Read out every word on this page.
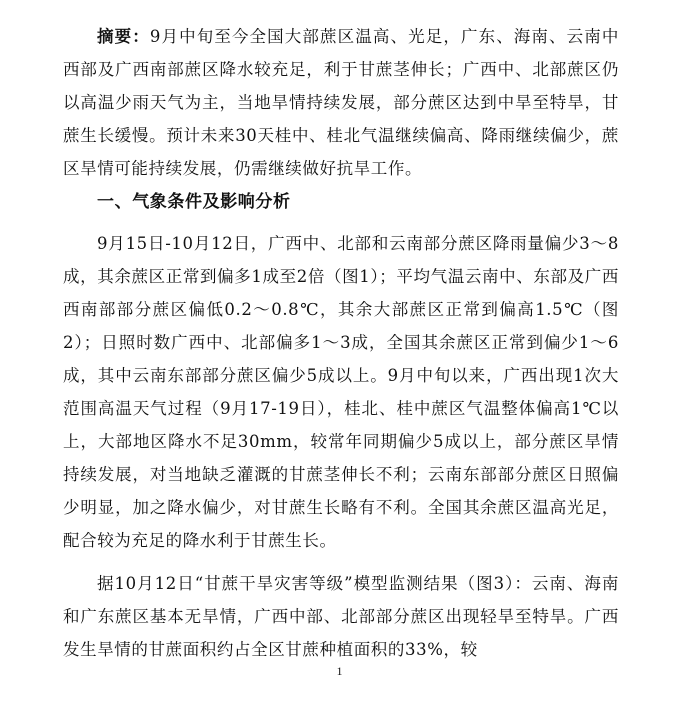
摘要：9月中旬至今全国大部蔗区温高、光足，广东、海南、云南中西部及广西南部蔗区降水较充足，利于甘蔗茎伸长；广西中、北部蔗区仍以高温少雨天气为主，当地旱情持续发展，部分蔗区达到中旱至特旱，甘蔗生长缓慢。预计未来30天桂中、桂北气温继续偏高、降雨继续偏少，蔗区旱情可能持续发展，仍需继续做好抗旱工作。
一、气象条件及影响分析
9月15日-10月12日，广西中、北部和云南部分蔗区降雨量偏少3～8成，其余蔗区正常到偏多1成至2倍（图1）；平均气温云南中、东部及广西西南部部分蔗区偏低0.2～0.8℃，其余大部蔗区正常到偏高1.5℃（图2）；日照时数广西中、北部偏多1～3成，全国其余蔗区正常到偏少1～6成，其中云南东部部分蔗区偏少5成以上。9月中旬以来，广西出现1次大范围高温天气过程（9月17-19日），桂北、桂中蔗区气温整体偏高1℃以上，大部地区降水不足30mm，较常年同期偏少5成以上，部分蔗区旱情持续发展，对当地缺乏灌溉的甘蔗茎伸长不利；云南东部部分蔗区日照偏少明显，加之降水偏少，对甘蔗生长略有不利。全国其余蔗区温高光足，配合较为充足的降水利于甘蔗生长。
据10月12日“甘蔗干旱灾害等级”模型监测结果（图3）：云南、海南和广东蔗区基本无旱情，广西中部、北部部分蔗区出现轻旱至特旱。广西发生旱情的甘蔗面积约占全区甘蔗种植面积的33%，较
1
